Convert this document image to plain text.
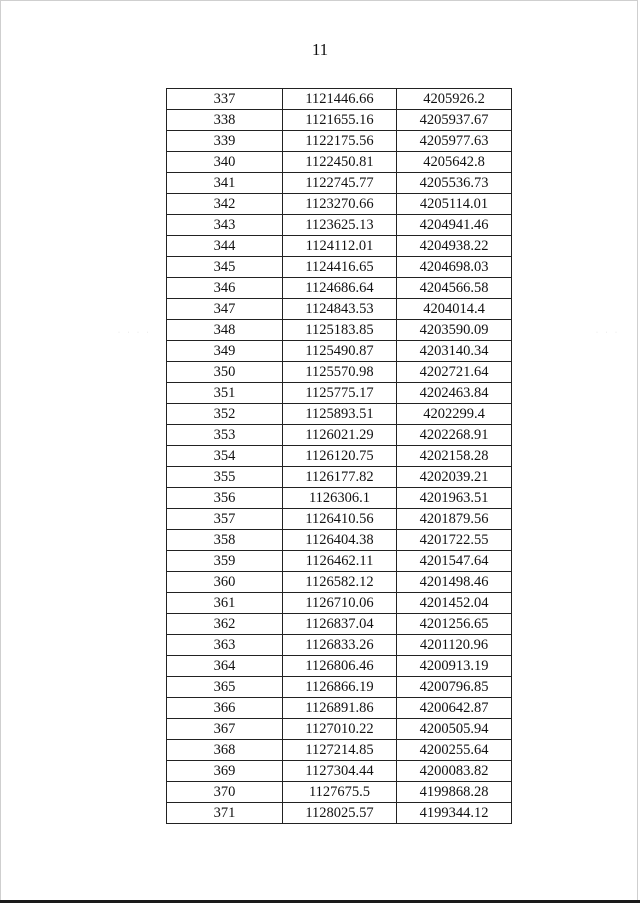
11
337	1121446.66	4205926.2
338	1121655.16	4205937.67
339	1122175.56	4205977.63
340	1122450.81	4205642.8
341	1122745.77	4205536.73
342	1123270.66	4205114.01
343	1123625.13	4204941.46
344	1124112.01	4204938.22
345	1124416.65	4204698.03
346	1124686.64	4204566.58
347	1124843.53	4204014.4
348	1125183.85	4203590.09
349	1125490.87	4203140.34
350	1125570.98	4202721.64
351	1125775.17	4202463.84
352	1125893.51	4202299.4
353	1126021.29	4202268.91
354	1126120.75	4202158.28
355	1126177.82	4202039.21
356	1126306.1	4201963.51
357	1126410.56	4201879.56
358	1126404.38	4201722.55
359	1126462.11	4201547.64
360	1126582.12	4201498.46
361	1126710.06	4201452.04
362	1126837.04	4201256.65
363	1126833.26	4201120.96
364	1126806.46	4200913.19
365	1126866.19	4200796.85
366	1126891.86	4200642.87
367	1127010.22	4200505.94
368	1127214.85	4200255.64
369	1127304.44	4200083.82
370	1127675.5	4199868.28
371	1128025.57	4199344.12
· · · ·	· · ·
